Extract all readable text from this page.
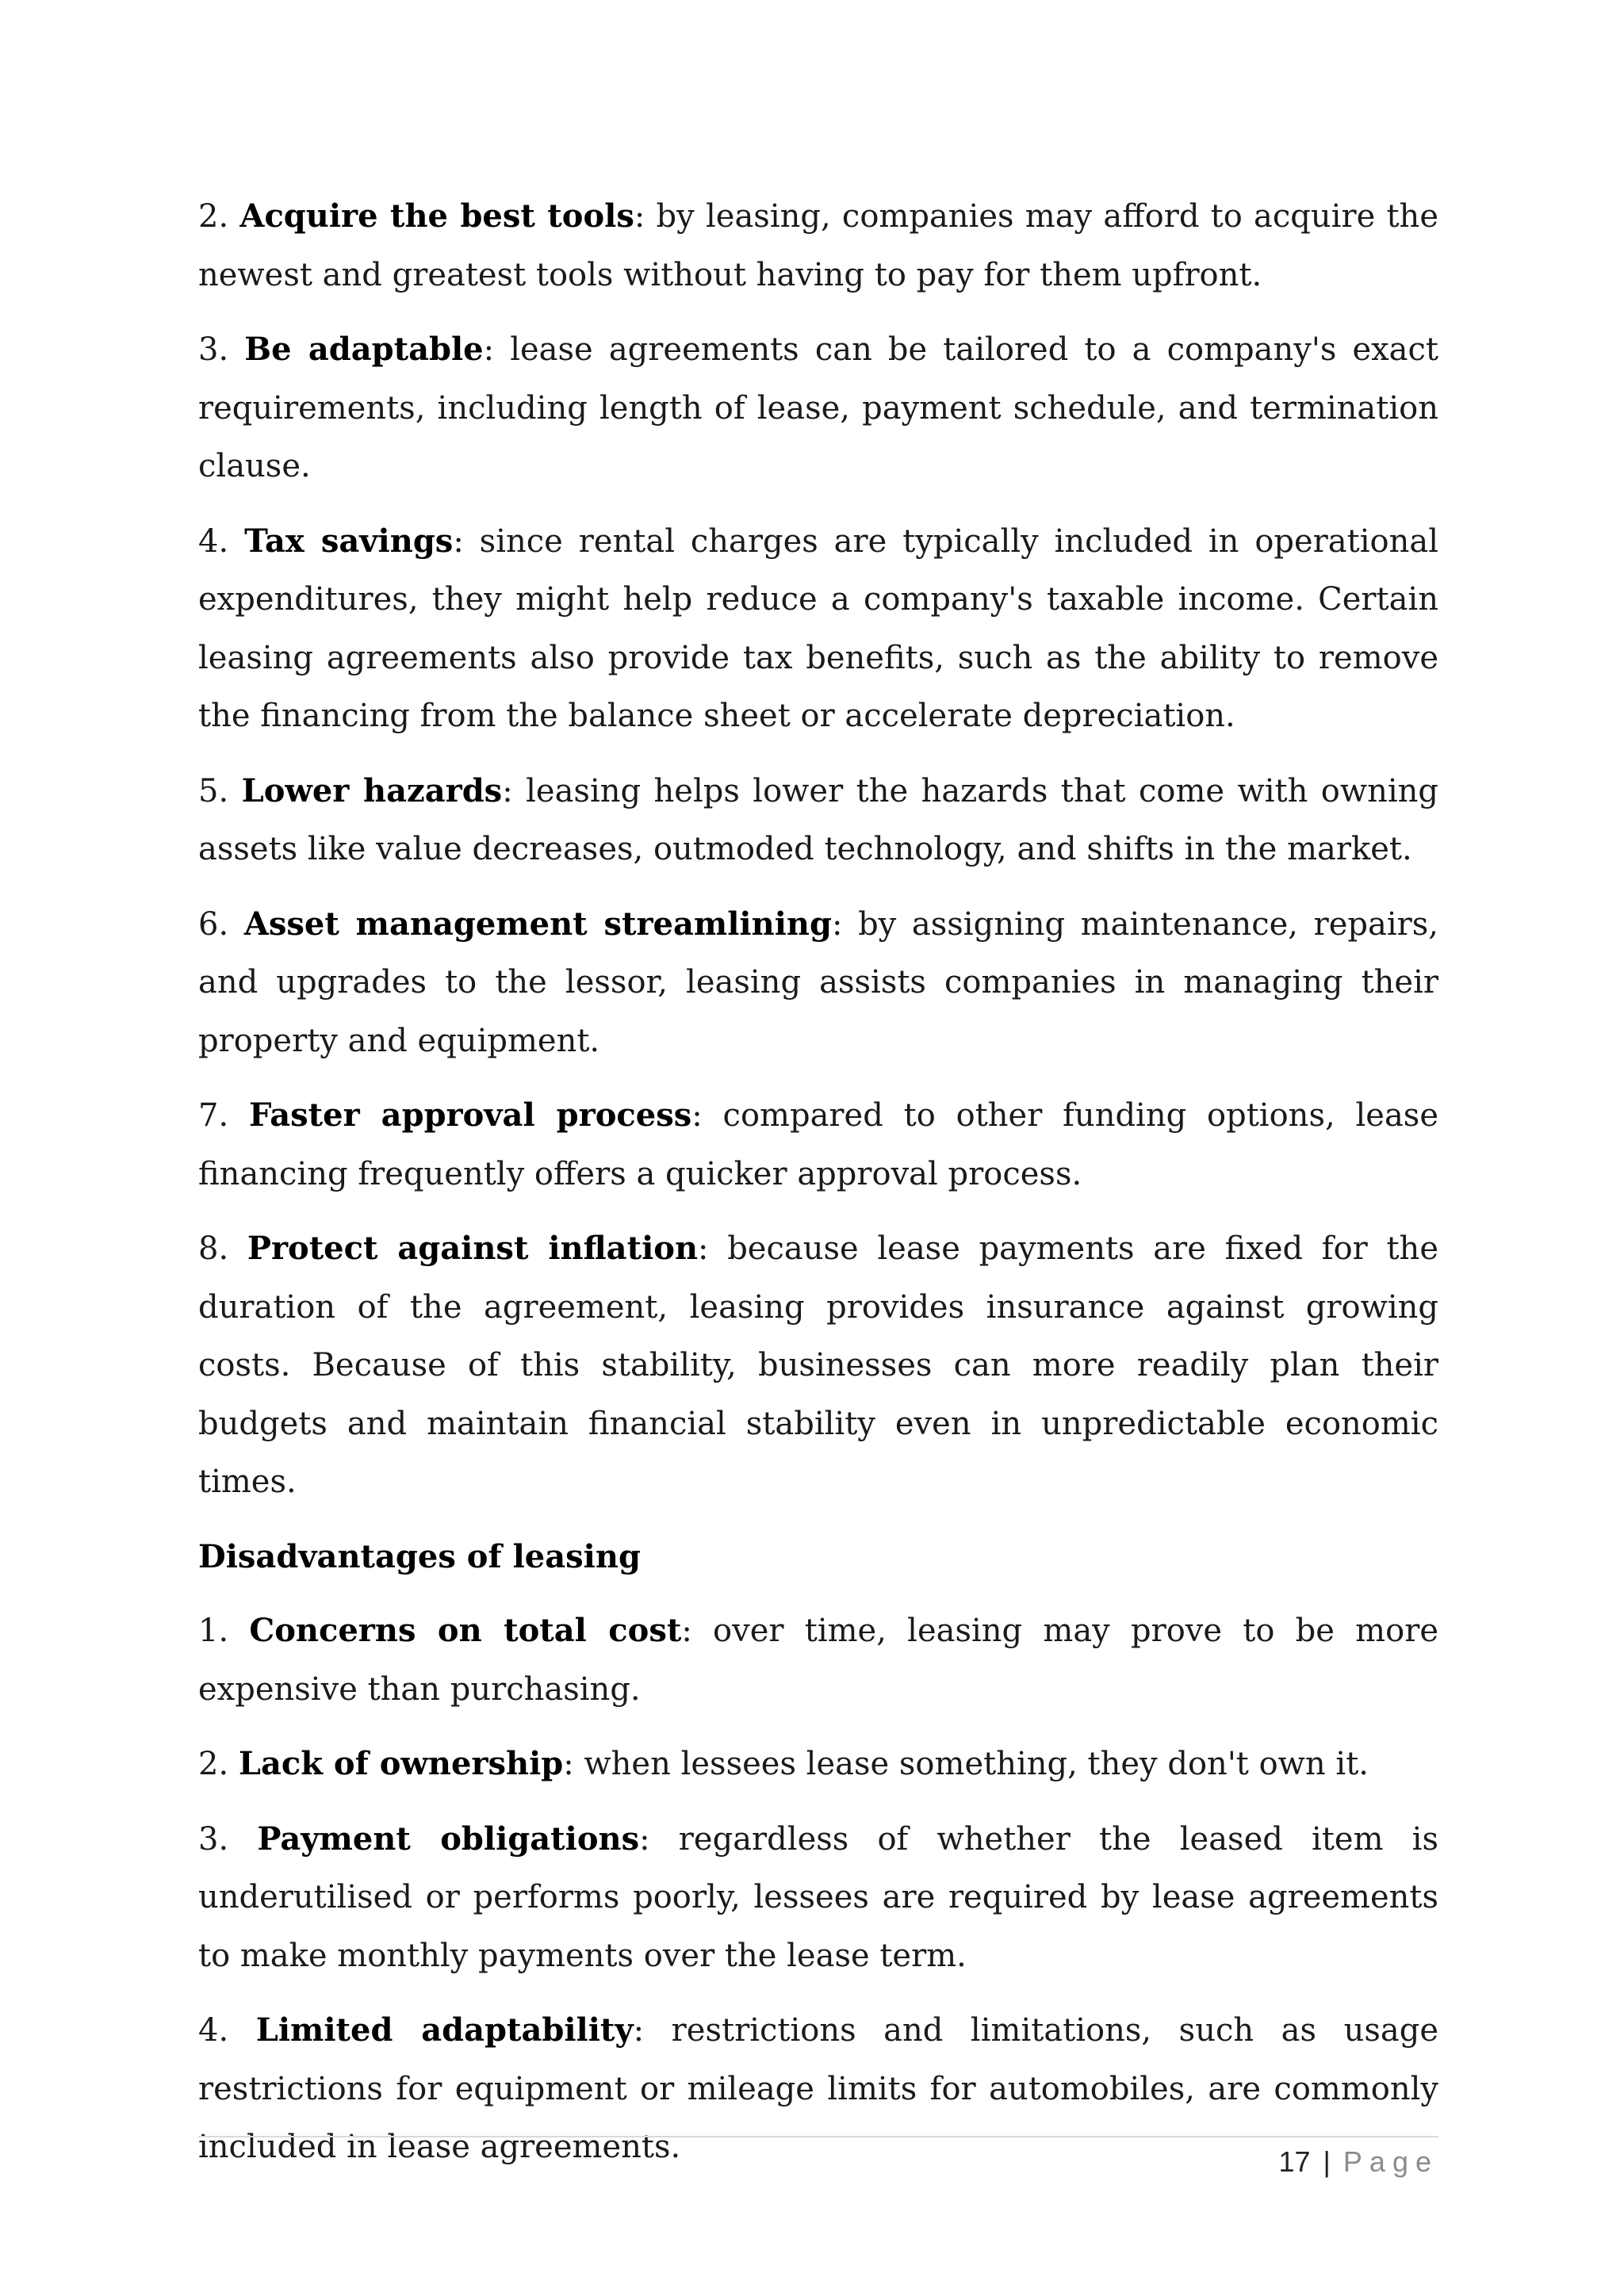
2. Acquire the best tools: by leasing, companies may afford to acquire the newest and greatest tools without having to pay for them upfront.

3. Be adaptable: lease agreements can be tailored to a company's exact requirements, including length of lease, payment schedule, and termination clause.

4. Tax savings: since rental charges are typically included in operational expenditures, they might help reduce a company's taxable income. Certain leasing agreements also provide tax benefits, such as the ability to remove the financing from the balance sheet or accelerate depreciation.

5. Lower hazards: leasing helps lower the hazards that come with owning assets like value decreases, outmoded technology, and shifts in the market.

6. Asset management streamlining: by assigning maintenance, repairs, and upgrades to the lessor, leasing assists companies in managing their property and equipment.

7. Faster approval process: compared to other funding options, lease financing frequently offers a quicker approval process.

8. Protect against inflation: because lease payments are fixed for the duration of the agreement, leasing provides insurance against growing costs. Because of this stability, businesses can more readily plan their budgets and maintain financial stability even in unpredictable economic times.

Disadvantages of leasing

1. Concerns on total cost: over time, leasing may prove to be more expensive than purchasing.

2. Lack of ownership: when lessees lease something, they don't own it.

3. Payment obligations: regardless of whether the leased item is underutilised or performs poorly, lessees are required by lease agreements to make monthly payments over the lease term.

4. Limited adaptability: restrictions and limitations, such as usage restrictions for equipment or mileage limits for automobiles, are commonly included in lease agreements.	17 | Page
